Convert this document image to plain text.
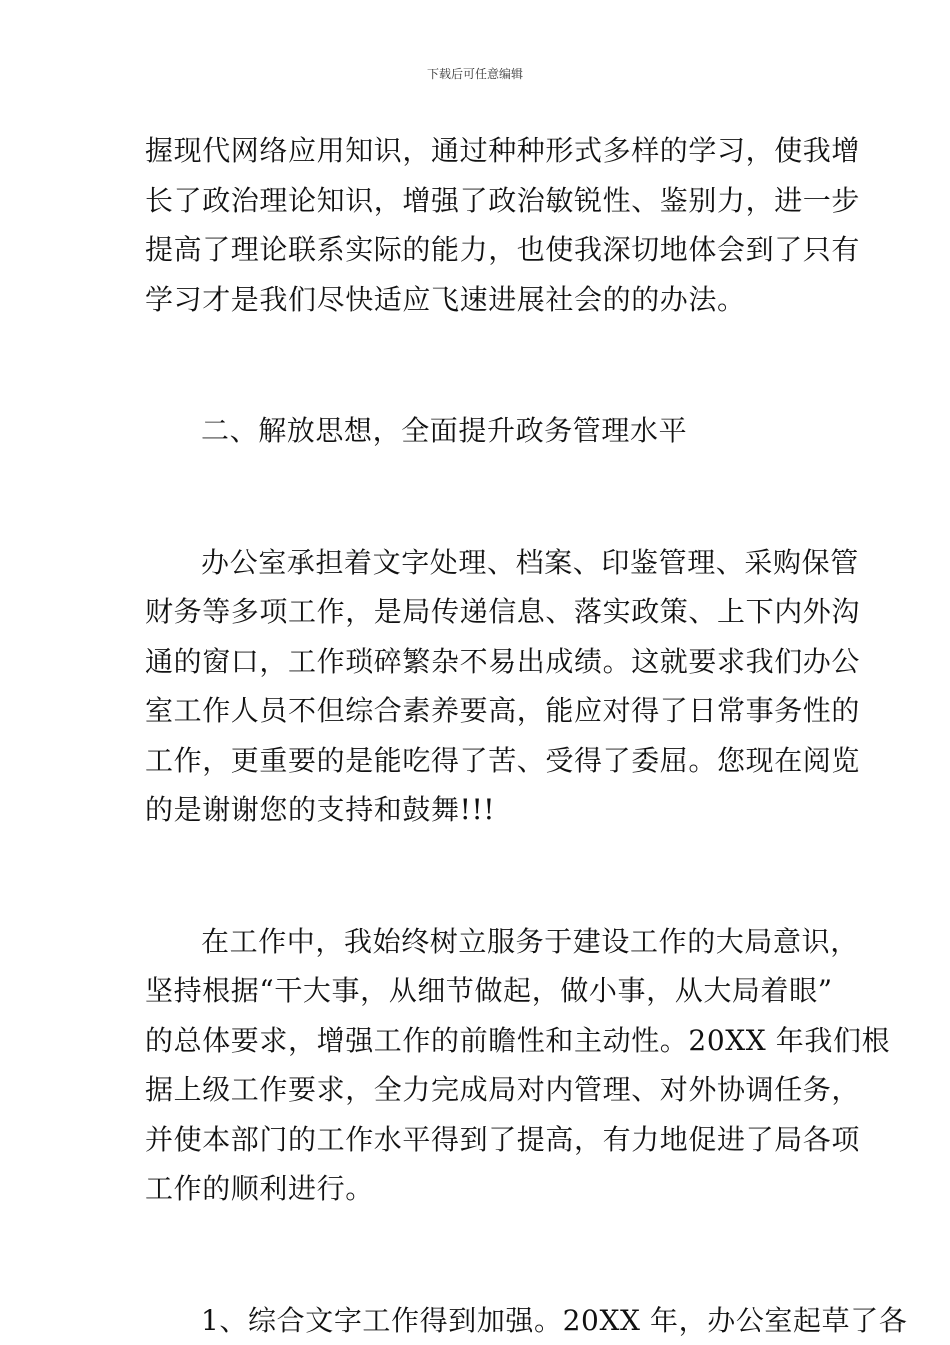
下载后可任意编辑

握现代网络应用知识，通过种种形式多样的学习，使我增
长了政治理论知识，增强了政治敏锐性、鉴别力，进一步
提高了理论联系实际的能力，也使我深切地体会到了只有
学习才是我们尽快适应飞速进展社会的的办法。

二、解放思想，全面提升政务管理水平

办公室承担着文字处理、档案、印鉴管理、采购保管
财务等多项工作，是局传递信息、落实政策、上下内外沟
通的窗口，工作琐碎繁杂不易出成绩。这就要求我们办公
室工作人员不但综合素养要高，能应对得了日常事务性的
工作，更重要的是能吃得了苦、受得了委屈。您现在阅览
的是谢谢您的支持和鼓舞!!!

在工作中，我始终树立服务于建设工作的大局意识，
坚持根据“干大事，从细节做起，做小事，从大局着眼”
的总体要求，增强工作的前瞻性和主动性。20XX 年我们根
据上级工作要求，全力完成局对内管理、对外协调任务，
并使本部门的工作水平得到了提高，有力地促进了局各项
工作的顺利进行。

1、综合文字工作得到加强。20XX 年，办公室起草了各
